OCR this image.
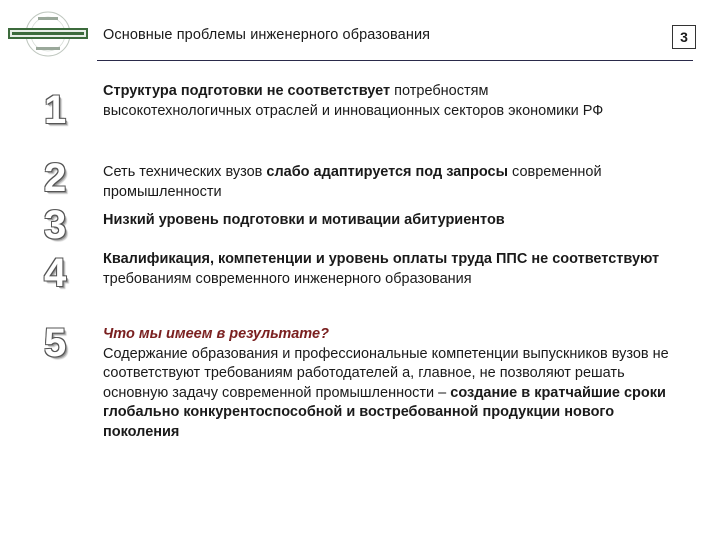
Основные проблемы инженерного образования	3
1
2
3
4
5
Структура подготовки не соответствует потребностям высокотехнологичных отраслей и инновационных секторов экономики РФ
Сеть технических вузов слабо адаптируется под запросы современной промышленности
Низкий уровень подготовки и мотивации абитуриентов
Квалификация, компетенции и уровень оплаты труда ППС не соответствуют требованиям современного инженерного образования
Что мы имеем в результате?
Содержание образования и профессиональные компетенции выпускников вузов не соответствуют требованиям работодателей а, главное, не позволяют решать основную задачу современной промышленности – создание в кратчайшие сроки глобально конкурентоспособной и востребованной продукции нового поколения
